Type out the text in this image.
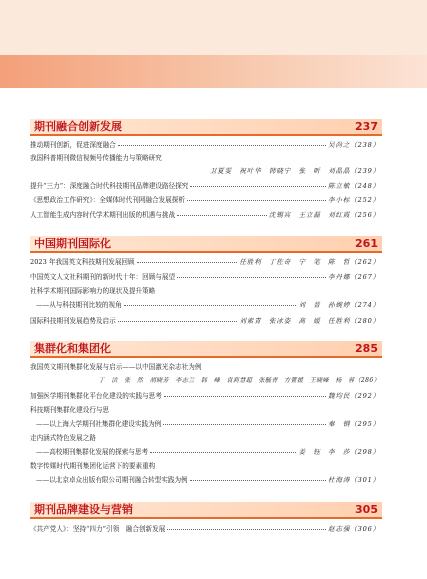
期刊融合创新发展	237
推动期刊创新，促进深度融合	吴尚之（238）
我国科普期刊微信视频号传播能力与策略研究
卫夏雯　祝叶华　韩晓宁　张　昕　刘晶晶（239）
提升“三力”：深度融合时代科技期刊品牌建设路径探究	陈立敏（248）
《思想政治工作研究》：全媒体时代刊网融合发展探析	李小标（252）
人工智能生成内容时代学术期刊出版的机遇与挑战	沈锡宾　王立磊　刘红霞（256）
中国期刊国际化	261
2023 年我国英文科技期刊发展回顾	任胜利　丁佐奇　宁　笔　陈　哲（262）
中国英文人文社科期刊的新时代十年：回顾与展望	李丹娜（267）
社科学术期刊国际影响力的现状及提升策略
——从与科技期刊比较的视角	刘　普　孙婉婷（274）
国际科技期刊发展趋势及启示	刘素青　张冰姿　高　媛　任胜利（280）
集群化和集团化	285
我国英文期刊集群化发展与启示——以中国激光杂志社为例
丁　洁　张　然　胡晓芳　李志兰　韩　峰　袁莉慧超　张毓青　方萱媛　王晓峰　杨　蓉（286）
加强医学期刊集群化平台化建设的实践与思考	魏均民（292）
科技期刊集群化建设行与思
——以上海大学期刊社集群化建设实践为例	秦　钢（295）
走内涵式特色发展之路
——高校期刊集群化发展的探索与思考	姜　钰　李　莎（298）
数字传媒时代期刊集团化运营下的要素重构
——以北京卓众出版有限公司期刊融合转型实践为例	杜海涛（301）
期刊品牌建设与营销	305
《共产党人》：坚持“四力”引领　融合创新发展	赵志强（306）
